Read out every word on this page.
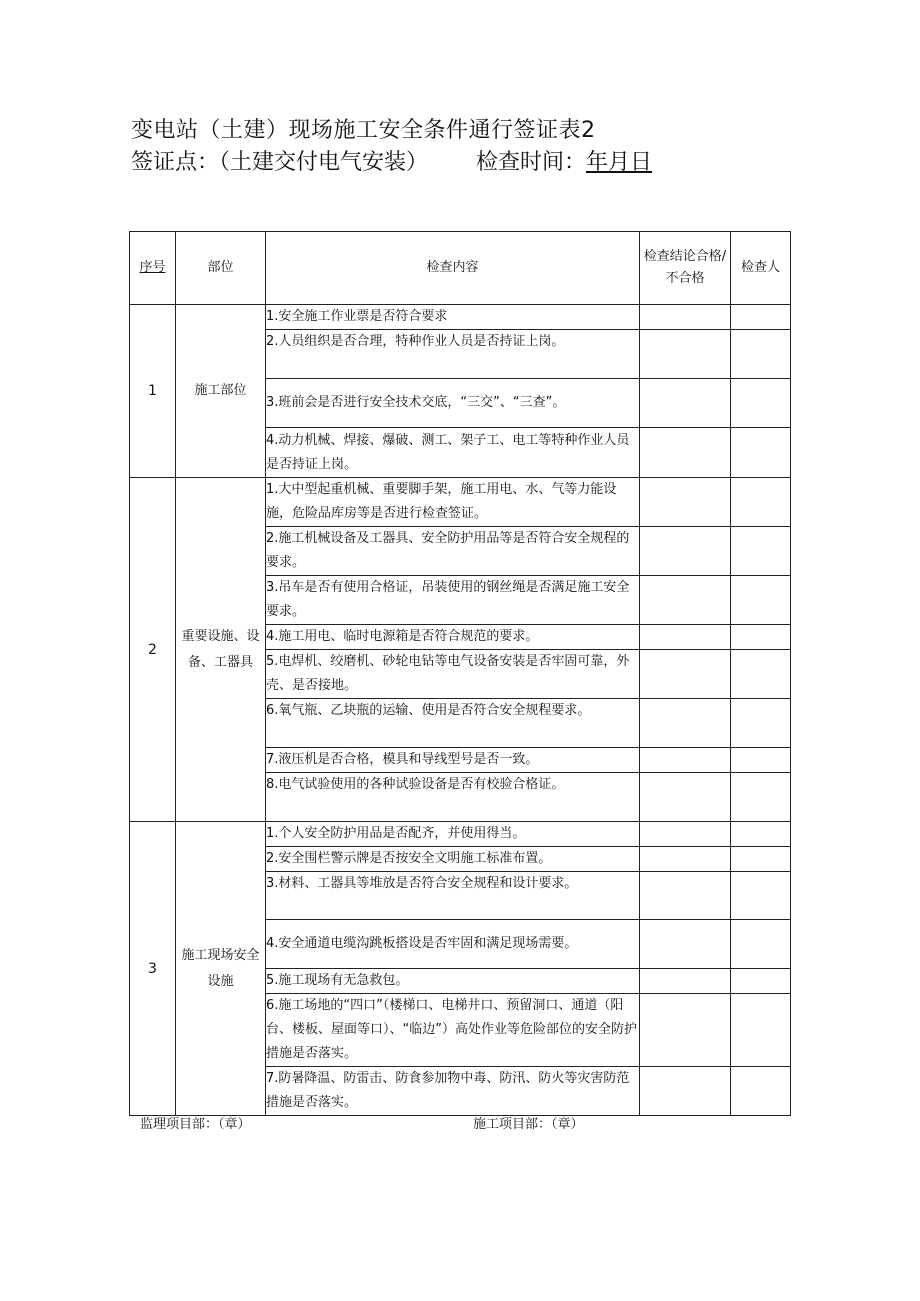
变电站（土建）现场施工安全条件通行签证表2
签证点：（土建交付电气安装） 检查时间：年月日
序号	部位	检查内容	检查结论合格/不合格	检查人
1	施工部位	1.安全施工作业票是否符合要求		
		2.人员组织是否合理，特种作业人员是否持证上岗。		
		3.班前会是否进行安全技术交底，“三交”、“三查”。		
		4.动力机械、焊接、爆破、测工、架子工、电工等特种作业人员是否持证上岗。		
2	重要设施、设备、工器具	1.大中型起重机械、重要脚手架，施工用电、水、气等力能设施，危险品库房等是否进行检查签证。		
		2.施工机械设备及工器具、安全防护用品等是否符合安全规程的要求。		
		3.吊车是否有使用合格证，吊装使用的钢丝绳是否满足施工安全要求。		
		4.施工用电、临时电源箱是否符合规范的要求。		
		5.电焊机、绞磨机、砂轮电钻等电气设备安装是否牢固可靠，外壳、是否接地。		
		6.氧气瓶、乙块瓶的运输、使用是否符合安全规程要求。		
		7.液压机是否合格，模具和导线型号是否一致。		
		8.电气试验使用的各种试验设备是否有校验合格证。		
3	施工现场安全设施	1.个人安全防护用品是否配齐，并使用得当。		
		2.安全围栏警示牌是否按安全文明施工标准布置。		
		3.材料、工器具等堆放是否符合安全规程和设计要求。		
		4.安全通道电缆沟跳板搭设是否牢固和满足现场需要。		
		5.施工现场有无急救包。		
		6.施工场地的“四口”（楼梯口、电梯井口、预留洞口、通道（阳台、楼板、屋面等口）、“临边”）高处作业等危险部位的安全防护措施是否落实。		
		7.防暑降温、防雷击、防食参加物中毒、防汛、防火等灾害防范措施是否落实。		
监理项目部：（章）	施工项目部：（章）
